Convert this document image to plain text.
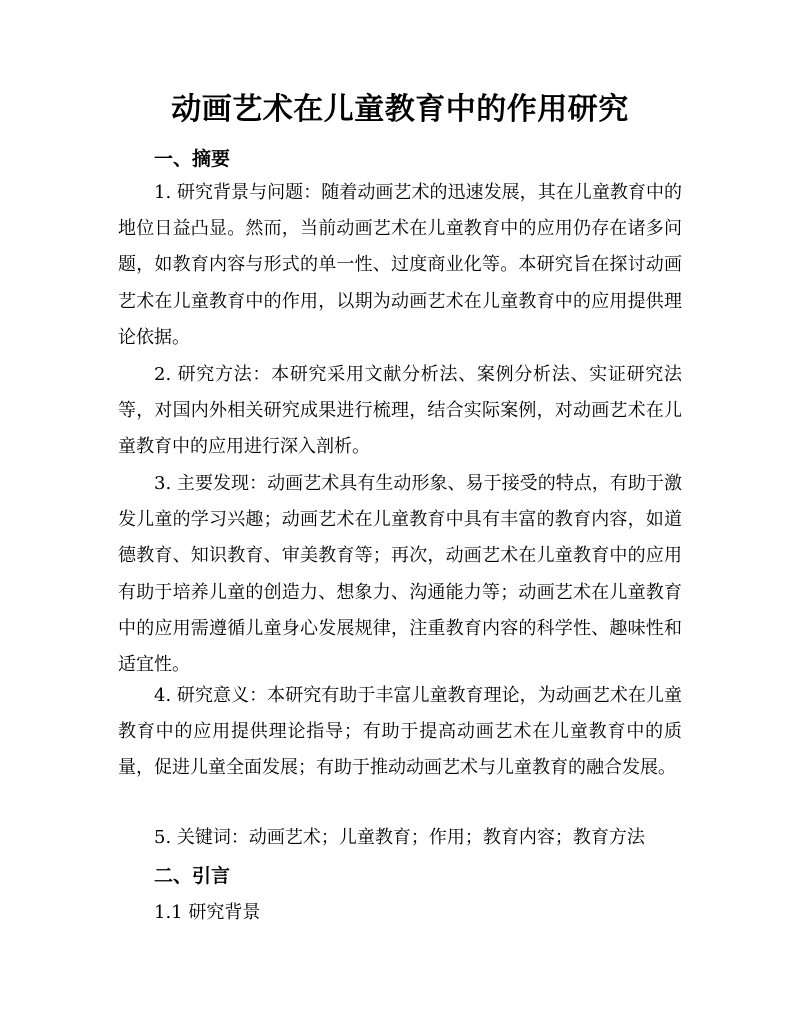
动画艺术在儿童教育中的作用研究
一、摘要

1. 研究背景与问题：随着动画艺术的迅速发展，其在儿童教育中的地位日益凸显。然而，当前动画艺术在儿童教育中的应用仍存在诸多问题，如教育内容与形式的单一性、过度商业化等。本研究旨在探讨动画艺术在儿童教育中的作用，以期为动画艺术在儿童教育中的应用提供理论依据。

2. 研究方法：本研究采用文献分析法、案例分析法、实证研究法等，对国内外相关研究成果进行梳理，结合实际案例，对动画艺术在儿童教育中的应用进行深入剖析。

3. 主要发现：动画艺术具有生动形象、易于接受的特点，有助于激发儿童的学习兴趣；动画艺术在儿童教育中具有丰富的教育内容，如道德教育、知识教育、审美教育等；再次，动画艺术在儿童教育中的应用有助于培养儿童的创造力、想象力、沟通能力等；动画艺术在儿童教育中的应用需遵循儿童身心发展规律，注重教育内容的科学性、趣味性和适宜性。

4. 研究意义：本研究有助于丰富儿童教育理论，为动画艺术在儿童教育中的应用提供理论指导；有助于提高动画艺术在儿童教育中的质量，促进儿童全面发展；有助于推动动画艺术与儿童教育的融合发展。

5. 关键词：动画艺术；儿童教育；作用；教育内容；教育方法

二、引言

1.1 研究背景
